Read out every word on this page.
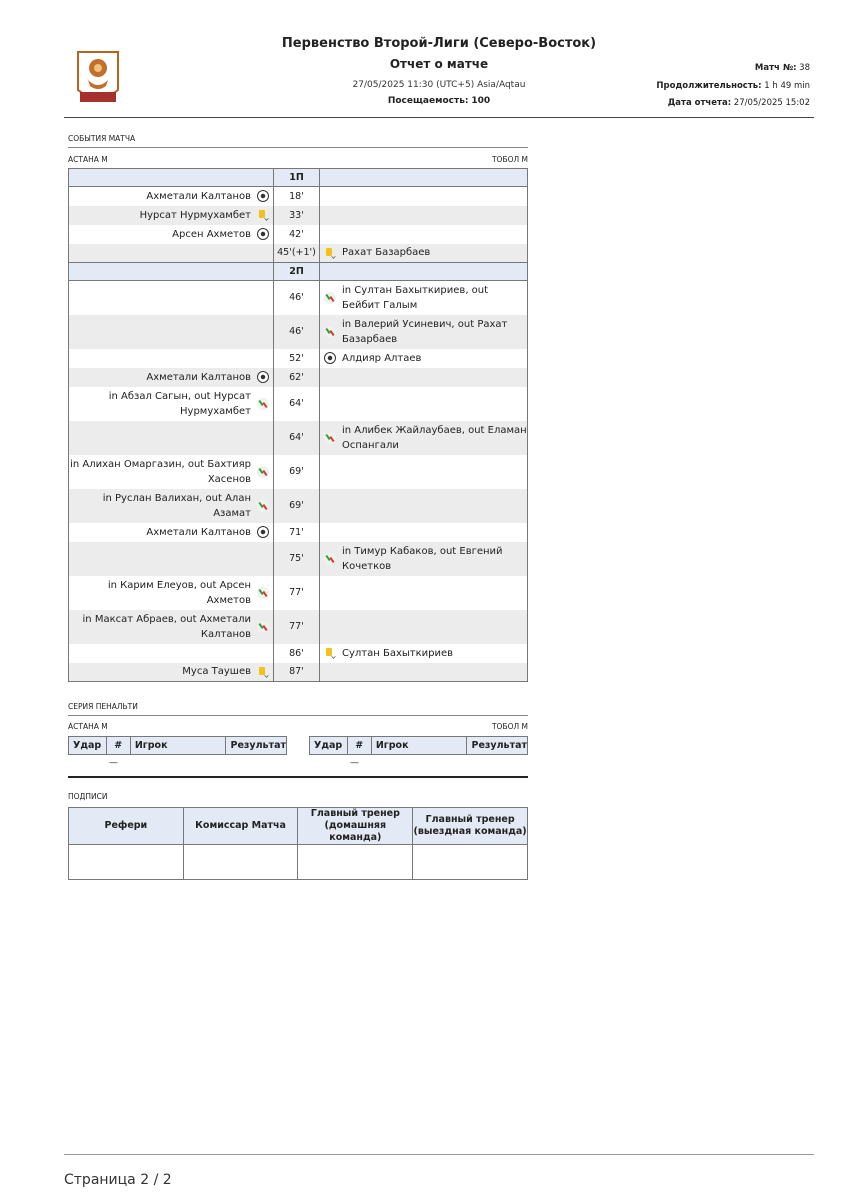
Первенство Второй-Лиги (Северо-Восток)
Отчет о матче
27/05/2025 11:30 (UTC+5) Asia/Aqtau
Посещаемость: 100
Матч №: 38
Продолжительность: 1 h 49 min
Дата отчета: 27/05/2025 15:02
СОБЫТИЯ МАТЧА
АСТАНА М	ТОБОЛ М
	1П	

Ахметали Калтанов	18'	

Нурсат Нурмухамбет	33'	

Арсен Ахметов	42'	
	45'(+1')	Рахат Базарбаев

	2П	
	46'	in Султан Бахыткириев, out Бейбит Галым

	46'	in Валерий Усиневич, out Рахат Базарбаев

	52'	Алдияр Алтаев

Ахметали Калтанов	62'	

in Абзал Сагын, out Нурсат Нурмухамбет	64'	
	64'	in Алибек Жайлаубаев, out Еламан Оспангали

in Алихан Омаргазин, out Бахтияр Хасенов	69'	

in Руслан Валихан, out Алан Азамат	69'	

Ахметали Калтанов	71'	
	75'	in Тимур Кабаков, out Евгений Кочетков

in Карим Елеуов, out Арсен Ахметов	77'	

in Максат Абраев, out Ахметали Калтанов	77'	
	86'	Султан Бахыткириев

Муса Таушев	87'	
СЕРИЯ ПЕНАЛЬТИ
АСТАНА М	ТОБОЛ М
Удар	#	Игрок	Результат	Удар	#	Игрок	Результат
—	—
ПОДПИСИ
Рефери	Комиссар Матча	Главный тренер (домашняя команда)	Главный тренер (выездная команда)

Страница 2 / 2
